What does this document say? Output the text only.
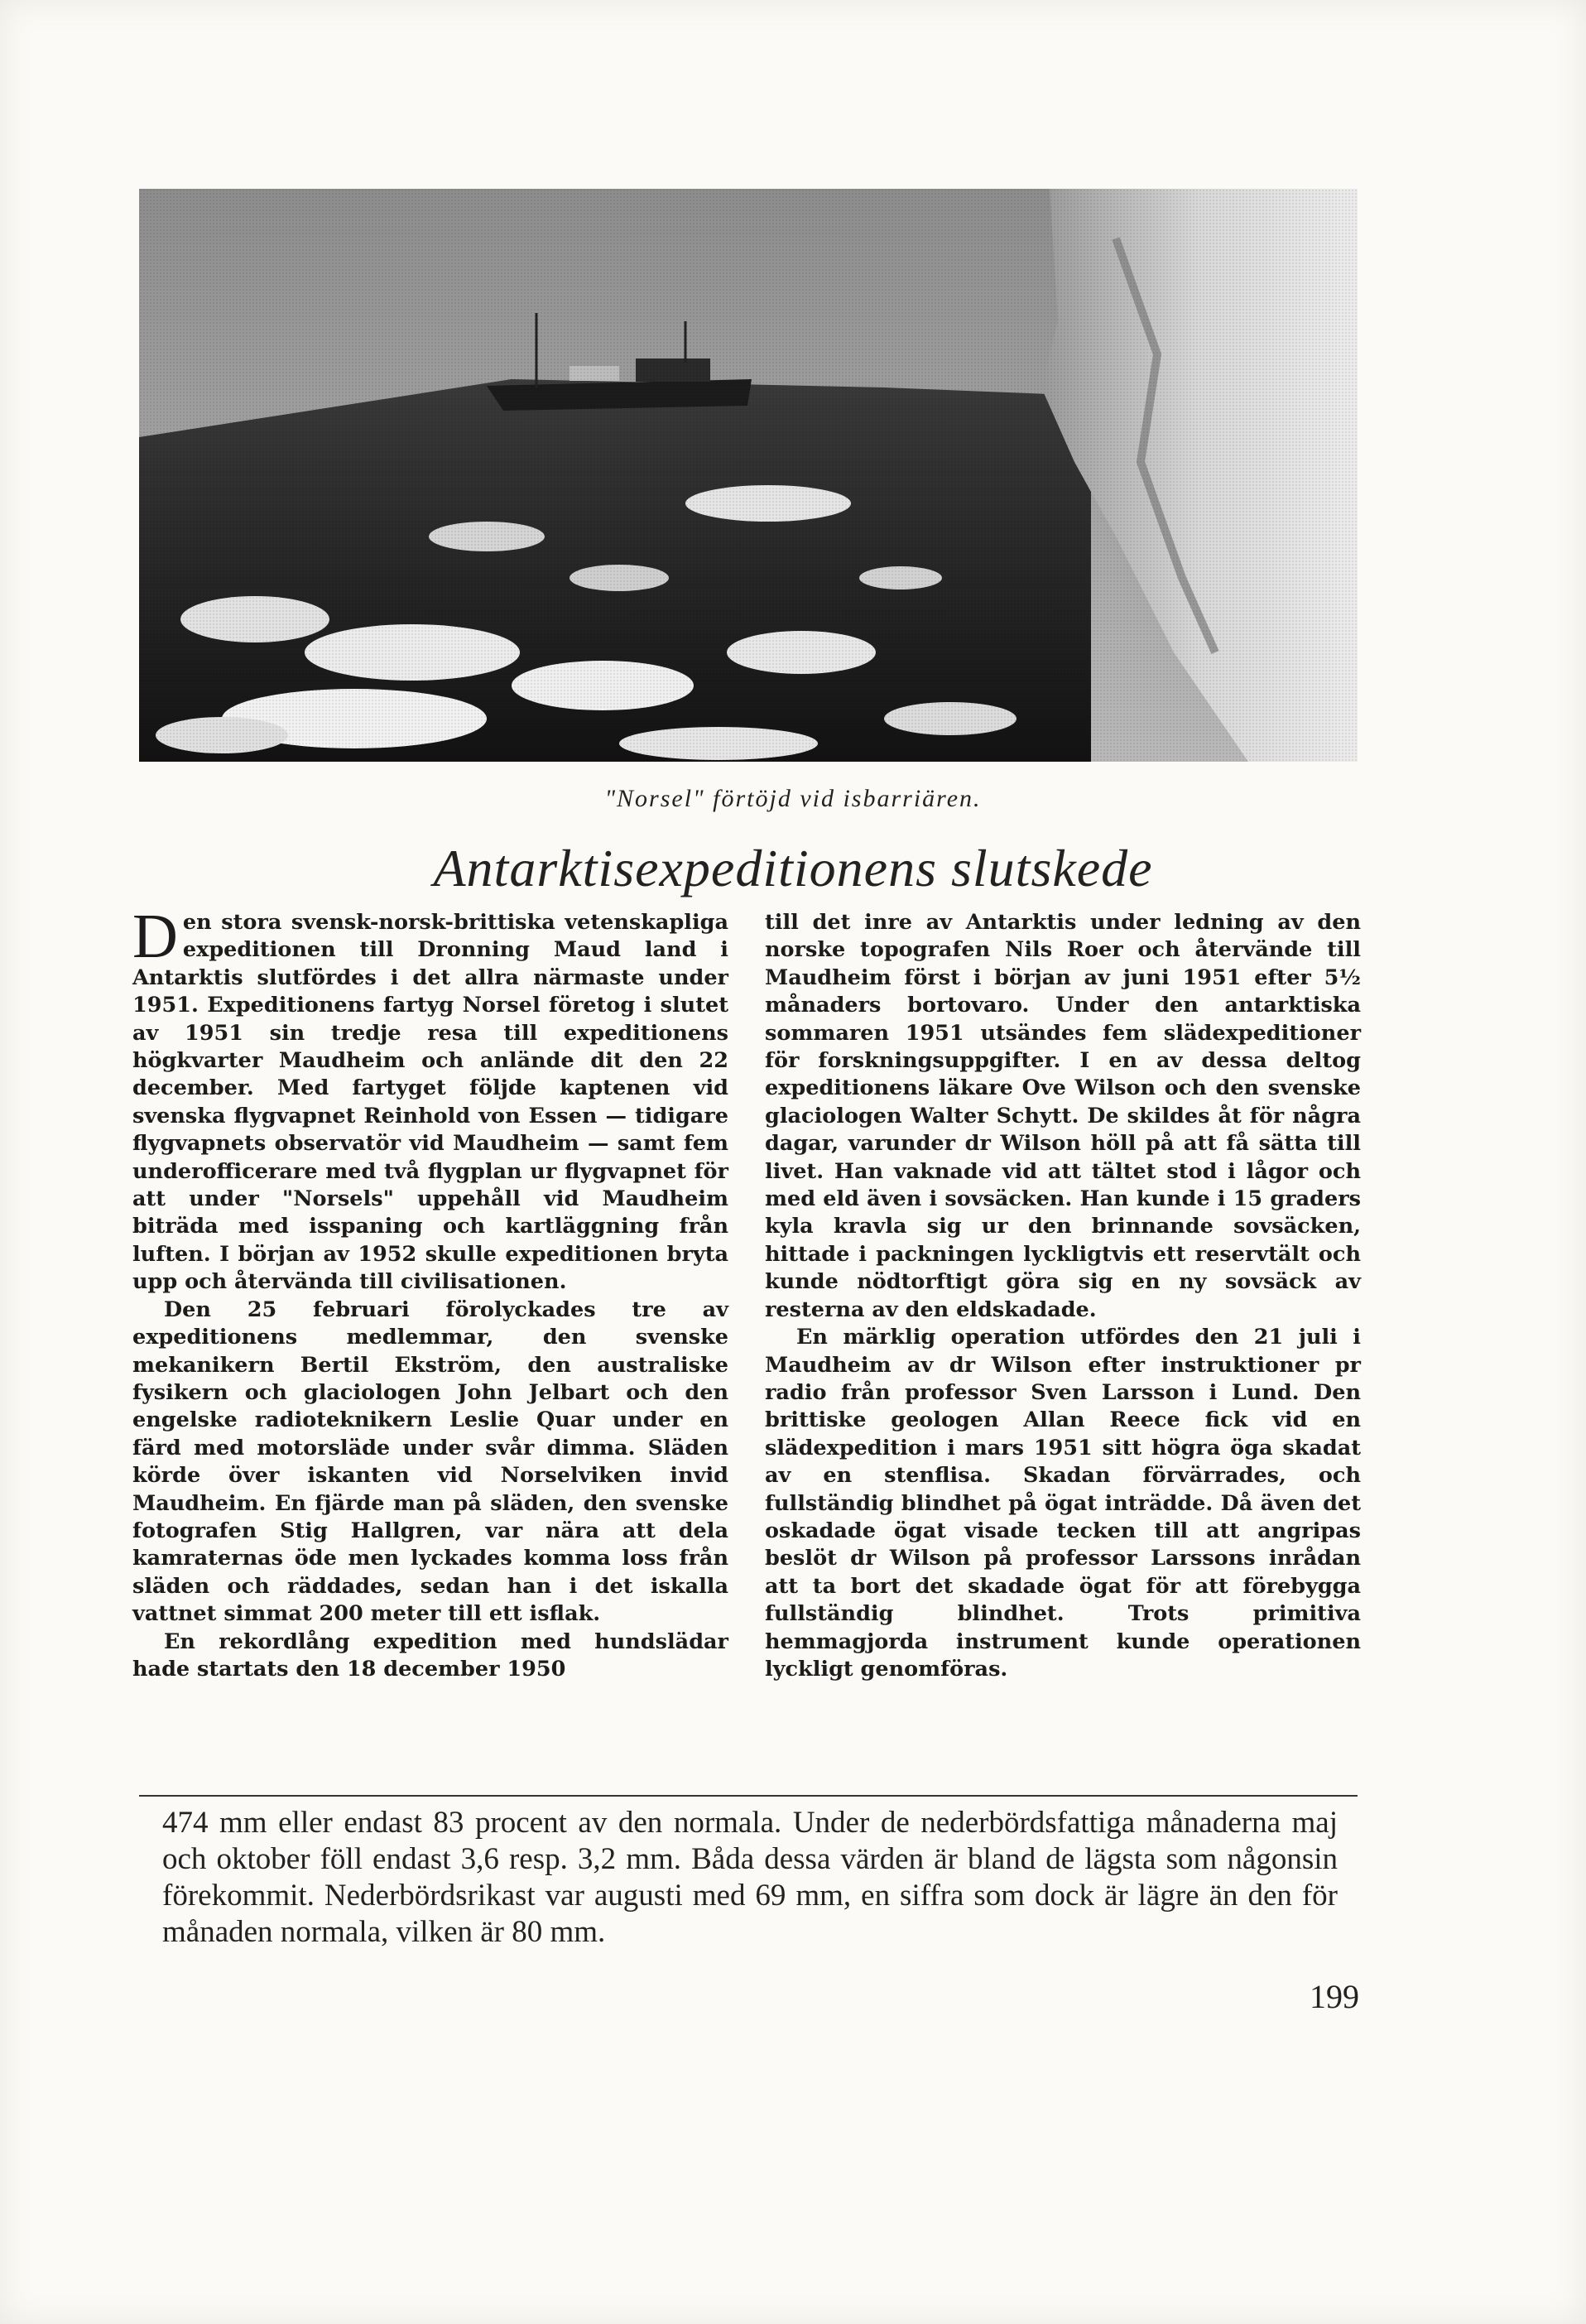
"Norsel" förtöjd vid isbarriären.
Antarktisexpeditionens slutskede

Den stora svensk-norsk-brittiska vetenskapliga expeditionen till Dronning Maud land i Antarktis slutfördes i det allra närmaste under 1951. Expeditionens fartyg Norsel företog i slutet av 1951 sin tredje resa till expeditionens högkvarter Maudheim och anlände dit den 22 december. Med fartyget följde kaptenen vid svenska flygvapnet Reinhold von Essen — tidigare flygvapnets observatör vid Maudheim — samt fem underofficerare med två flygplan ur flygvapnet för att under "Norsels" uppehåll vid Maudheim biträda med isspaning och kartläggning från luften. I början av 1952 skulle expeditionen bryta upp och återvända till civilisationen.

Den 25 februari förolyckades tre av expeditionens medlemmar, den svenske mekanikern Bertil Ekström, den australiske fysikern och glaciologen John Jelbart och den engelske radioteknikern Leslie Quar under en färd med motorsläde under svår dimma. Släden körde över iskanten vid Norselviken invid Maudheim. En fjärde man på släden, den svenske fotografen Stig Hallgren, var nära att dela kamraternas öde men lyckades komma loss från släden och räddades, sedan han i det iskalla vattnet simmat 200 meter till ett isflak.

En rekordlång expedition med hundslädar hade startats den 18 december 1950

till det inre av Antarktis under ledning av den norske topografen Nils Roer och återvände till Maudheim först i början av juni 1951 efter 5½ månaders bortovaro. Under den antarktiska sommaren 1951 utsändes fem slädexpeditioner för forskningsuppgifter. I en av dessa deltog expeditionens läkare Ove Wilson och den svenske glaciologen Walter Schytt. De skildes åt för några dagar, varunder dr Wilson höll på att få sätta till livet. Han vaknade vid att tältet stod i lågor och med eld även i sovsäcken. Han kunde i 15 graders kyla kravla sig ur den brinnande sovsäcken, hittade i packningen lyckligtvis ett reservtält och kunde nödtorftigt göra sig en ny sovsäck av resterna av den eldskadade.

En märklig operation utfördes den 21 juli i Maudheim av dr Wilson efter instruktioner pr radio från professor Sven Larsson i Lund. Den brittiske geologen Allan Reece fick vid en slädexpedition i mars 1951 sitt högra öga skadat av en stenflisa. Skadan förvärrades, och fullständig blindhet på ögat inträdde. Då även det oskadade ögat visade tecken till att angripas beslöt dr Wilson på professor Larssons inrådan att ta bort det skadade ögat för att förebygga fullständig blindhet. Trots primitiva hemmagjorda instrument kunde operationen lyckligt genomföras.

474 mm eller endast 83 procent av den normala. Under de nederbördsfattiga månaderna maj och oktober föll endast 3,6 resp. 3,2 mm. Båda dessa värden är bland de lägsta som någonsin förekommit. Nederbördsrikast var augusti med 69 mm, en siffra som dock är lägre än den för månaden normala, vilken är 80 mm.
199
